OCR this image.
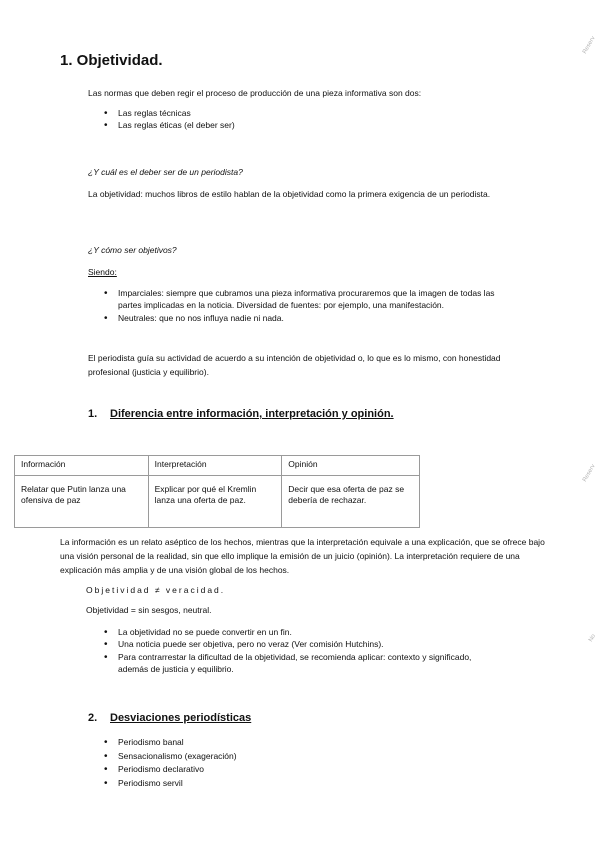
1. Objetividad.

Las normas que deben regir el proceso de producción de una pieza informativa son dos:

• Las reglas técnicas
• Las reglas éticas (el deber ser)

¿Y cuál es el deber ser de un periodista?

La objetividad: muchos libros de estilo hablan de la objetividad como la primera exigencia de un periodista.

¿Y cómo ser objetivos?

Siendo:

• Imparciales: siempre que cubramos una pieza informativa procuraremos que la imagen de todas las partes implicadas en la noticia. Diversidad de fuentes: por ejemplo, una manifestación.
• Neutrales: que no nos influya nadie ni nada.

El periodista guía su actividad de acuerdo a su intención de objetividad o, lo que es lo mismo, con honestidad profesional (justicia y equilibrio).

1. Diferencia entre información, interpretación y opinión.
Información	Interpretación	Opinión
Relatar que Putin lanza una ofensiva de paz	Explicar por qué el Kremlin lanza una oferta de paz.	Decir que esa oferta de paz se debería de rechazar.

La información es un relato aséptico de los hechos, mientras que la interpretación equivale a una explicación, que se ofrece bajo una visión personal de la realidad, sin que ello implique la emisión de un juicio (opinión). La interpretación requiere de una explicación más amplia y de una visión global de los hechos.

Objetividad ≠ veracidad.

Objetividad = sin sesgos, neutral.

• La objetividad no se puede convertir en un fin.
• Una noticia puede ser objetiva, pero no veraz (Ver comisión Hutchins).
• Para contrarrestar la dificultad de la objetividad, se recomienda aplicar: contexto y significado, además de justicia y equilibrio.
2. Desviaciones periodísticas
• Periodismo banal
• Sensacionalismo (exageración)
• Periodismo declarativo
• Periodismo servil
Reserv
Reserv
No
